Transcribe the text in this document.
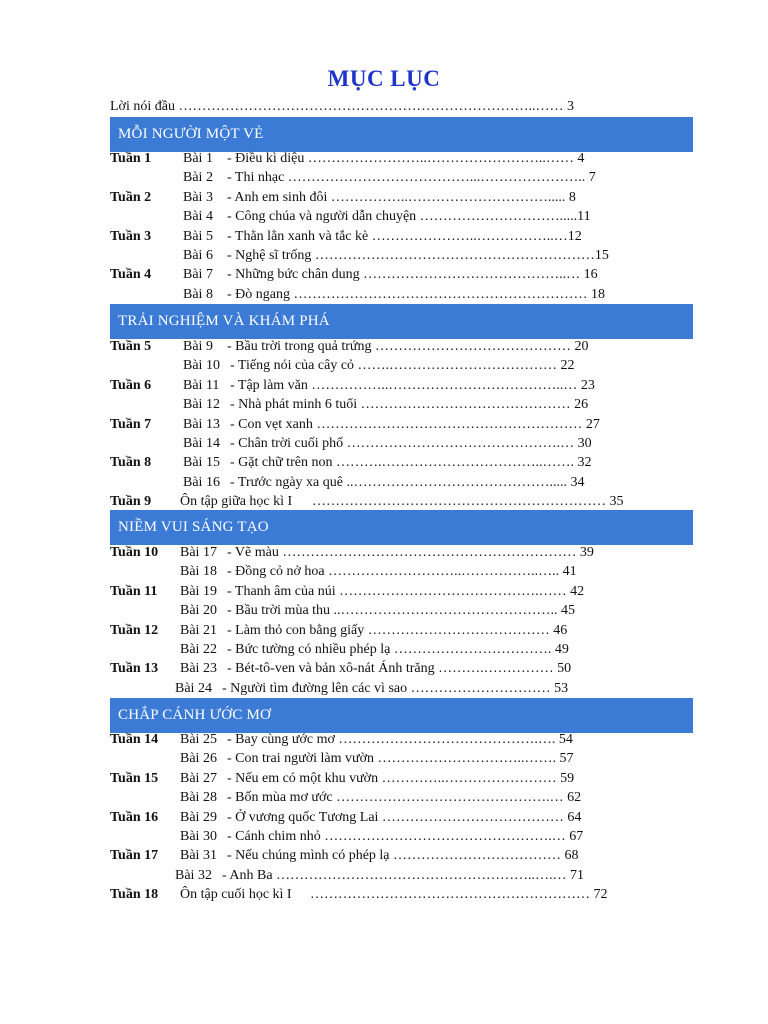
MỤC LỤC
Lời nói đầu …………………………………………………………………..…… 3
MỖI NGƯỜI MỘT VẺ
Tuần 1 Bài 1 - Điều kì diệu ……………………..……………………..…… 4
Bài 2 - Thi nhạc …………………………………...………………….. 7
Tuần 2 Bài 3 - Anh em sinh đôi ……………..…………………………..... 8
Bài 4 - Công chúa và người dẫn chuyện ………………………….....11
Tuần 3 Bài 5 - Thằn lằn xanh và tắc kè …………………..……………..…12
Bài 6 - Nghệ sĩ trống ……………………………………………………15
Tuần 4 Bài 7 - Những bức chân dung ……………………………………..… 16
Bài 8 - Đò ngang ……………………………………………………… 18
TRẢI NGHIỆM VÀ KHÁM PHÁ
Tuần 5 Bài 9 - Bầu trời trong quả trứng …………………………………… 20
Bài 10 - Tiếng nói của cây cỏ …….……………………………… 22
Tuần 6 Bài 11 - Tập làm văn ……………..………………………………..… 23
Bài 12 - Nhà phát minh 6 tuổi ……………………………………… 26
Tuần 7 Bài 13 - Con vẹt xanh ………………………………………………… 27
Bài 14 - Chân trời cuối phố ……………………………………….… 30
Tuần 8 Bài 15 - Gặt chữ trên non ……….……………………………..……. 32
Bài 16 - Trước ngày xa quê ..……………………………………..... 34
Tuần 9 Ôn tập giữa học kì I ……………………………………………………… 35
NIỀM VUI SÁNG TẠO
Tuần 10 Bài 17 - Vẽ màu ……………………………………………………… 39
Bài 18 - Đồng cỏ nở hoa ………………………..……………..….. 41
Tuần 11 Bài 19 - Thanh âm của núi …………………………………….…… 42
Bài 20 - Bầu trời mùa thu ..……………………………………….. 45
Tuần 12 Bài 21 - Làm thỏ con bằng giấy ………………………………… 46
Bài 22 - Bức tường có nhiều phép lạ ……………………………. 49
Tuần 13 Bài 23 - Bét-tô-ven và bản xô-nát Ánh trăng ……….…………… 50
Bài 24 - Người tìm đường lên các vì sao ………………………… 53
CHẮP CÁNH ƯỚC MƠ
Tuần 14 Bài 25 - Bay cùng ước mơ …………………………………….…. 54
Bài 26 - Con trai người làm vườn …………………………..……. 57
Tuần 15 Bài 27 - Nếu em có một khu vườn …………..…………………… 59
Bài 28 - Bốn mùa mơ ước ……………………………………….… 62
Tuần 16 Bài 29 - Ở vương quốc Tương Lai ………………………………… 64
Bài 30 - Cánh chim nhỏ ………………………………………….… 67
Tuần 17 Bài 31 - Nếu chúng mình có phép lạ ……………………………… 68
Bài 32 - Anh Ba ………………………………………………..….… 71
Tuần 18 Ôn tập cuối học kì I …………………………………………………… 72
